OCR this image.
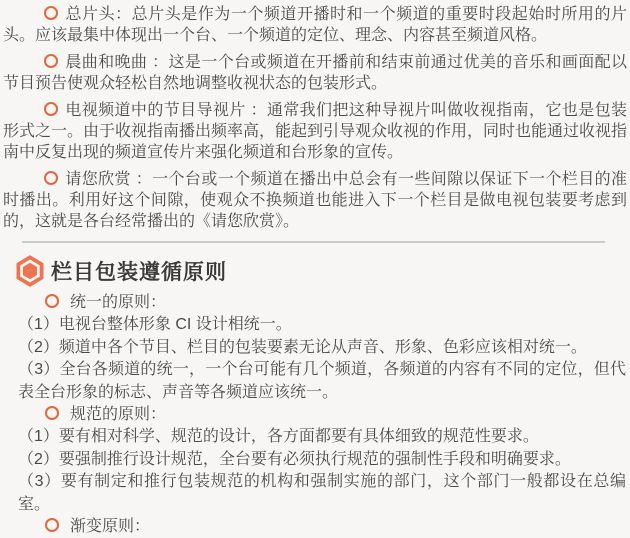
总片头：总片头是作为一个频道开播时和一个频道的重要时段起始时所用的片头。应该最集中体现出一个台、一个频道的定位、理念、内容甚至频道风格。

晨曲和晚曲 ：这是一个台或频道在开播前和结束前通过优美的音乐和画面配以节目预告使观众轻松自然地调整收视状态的包装形式。

电视频道中的节目导视片 ：通常我们把这种导视片叫做收视指南，它也是包装形式之一。由于收视指南播出频率高，能起到引导观众收视的作用，同时也能通过收视指南中反复出现的频道宣传片来强化频道和台形象的宣传。

请您欣赏 ：一个台或一个频道在播出中总会有一些间隙以保证下一个栏目的准时播出。利用好这个间隙，使观众不换频道也能进入下一个栏目是做电视包装要考虑到的，这就是各台经常播出的《请您欣赏》。

栏目包装遵循原则

统一的原则：

（1）电视台整体形象 CI 设计相统一。

（2）频道中各个节目、栏目的包装要素无论从声音、形象、色彩应该相对统一。

（3）全台各频道的统一，一个台可能有几个频道，各频道的内容有不同的定位，但代表全台形象的标志、声音等各频道应该统一。

规范的原则：

（1）要有相对科学、规范的设计，各方面都要有具体细致的规范性要求。

（2）要强制推行设计规范，全台要有必须执行规范的强制性手段和明确要求。

（3）要有制定和推行包装规范的机构和强制实施的部门，这个部门一般都设在总编室。

渐变原则：
